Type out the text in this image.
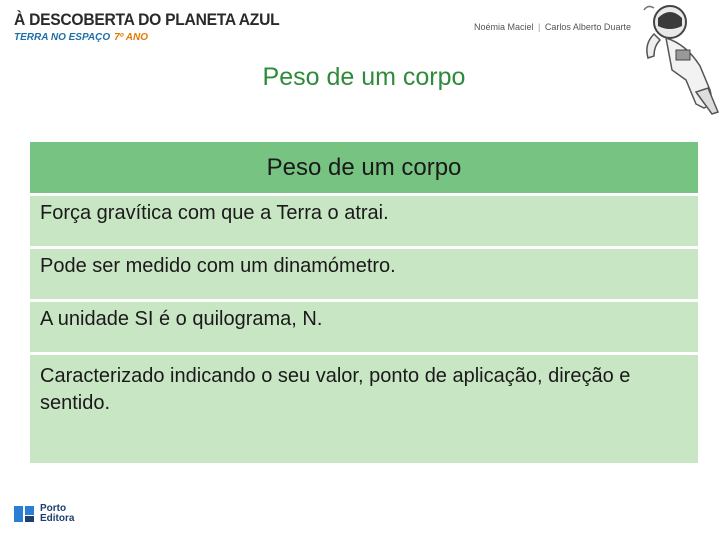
À DESCOBERTA DO PLANETA AZUL
TERRA NO ESPAÇO 7º ANO
Noémia Maciel | Carlos Alberto Duarte
Peso de um corpo
Peso de um corpo
Força gravítica com que a Terra o atrai.
Pode ser medido com um dinamómetro.
A unidade SI é o quilograma, N.
Caracterizado indicando o seu valor, ponto de aplicação, direção e sentido.
Porto
Editora
